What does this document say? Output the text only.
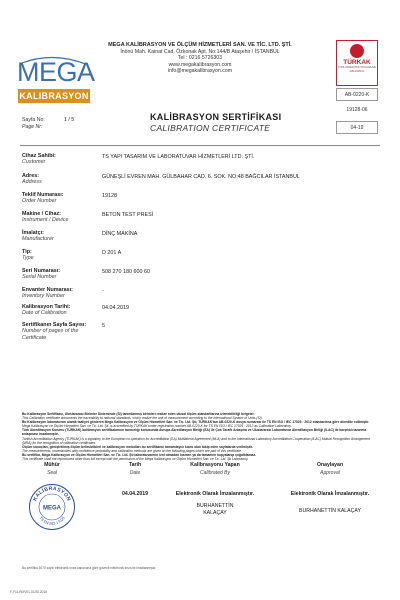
MEGA
KALIBRASYON
MEGA KALİBRASYON VE ÖLÇÜM HİZMETLERİ SAN. VE TİC. LTD. ŞTİ.
İnönü Mah. Kainat Cad. Özkonak Apt. No:144/B Ataşehir / İSTANBUL
Tel : 0216 5726303
www.megakalibrasyon.com
info@megakalibrasyon.com
TÜRKAK
TÜRK AKREDİTASYON KURUMU
AB-0220-K
AB-0220-K
19128-06
04-19
Sayfa No:
Page Nr:
1 / 5	KALİBRASYON SERTİFİKASI
CALIBRATION CERTIFICATE
Cihaz Sahibi:
Customer
TS YAPI TASARIM VE LABORATUVAR HİZMETLERİ LTD. ŞTİ.
Adres:
Address
GÜNEŞLİ EVREN MAH. GÜLBAHAR CAD. 6. SOK. NO:48 BAĞCILAR İSTANBUL
Teklif Numarası:
Order Number
19128
Makine / Cihaz:
Instrument / Device
BETON TEST PRESİ
İmalatçı:
Manufacturer
DİNÇ MAKİNA
Tip:
Type
D 201 A
Seri Numarası:
Serial Number
508 270 180 600 60
Envanter Numarası:
Inventory Number
-
Kalibrasyon Tarihi:
Date of Calibration
04.04.2019
Sertifikanın Sayfa Sayısı:
Number of pages of the Certificate
5
Bu Kalibrasyon Sertifikası, Uluslararası Birimler Sisteminde (SI) tanımlanmış birimleri realize eden ulusal ölçüm standartlarına izlenebilirliği belgeler.
This Calibration certificate documents the traceability to national standards, which realize the unit of measurement according to the International System of Units (SI).
Bu Kalibrasyon laboratuvarı olarak faaliyet gösteren Mega Kalibrasyon ve Ölçüm Hizmetleri San. ve Tic. Ltd. Şti, TÜRKAK'tan AB-0220-K dosya numarası ile TS EN ISO / IEC 17025 : 2012 standardına göre akredite edilmiştir.
Mega Kalibrasyon ve Ölçüm Hizmetleri San. ve Tic. Ltd. Şti. is accredited by TÜRKAK under registration number AB-0220-K for TS EN ISO / IEC 17025 : 2012 as Calibration Laboratory.
Türk Akreditasyon Kurumu (TÜRKAK) kalibrasyon sertifikalarının tanınırlığı konusunda Avrupa Akreditasyon Birliği (EA) ile Çok Taraflı Anlaşma ve Uluslararası Laboratuvar Akreditasyon Birliği (ILAC) ile karşılıklı tanınma anlaşması imzalamıştır.
Turkish Accreditation Agency (TÜRKAK) is a signatory to the European co-operation for Accreditation (EA) Multilateral Agreement (MLA) and to the International Laboratory Accreditation Cooperation (ILAC) Mutual Recognition Arrangement (MRA) for the recognition of calibration certificates.
Ölçüm sonuçları, genişletilmiş ölçüm belirsizlikleri ve kalibrasyon metodları bu sertifikanın tamamlayıcı kısmı olan takip eden sayfalarda verilmiştir.
The measurements, uncertainties with confidence probability and calibration methods are given on the following pages which are part of this certificate.
Bu sertifika, Mega Kalibrasyon ve Ölçüm Hizmetleri San. ve Tic. Ltd. Şti laboratuvarının izni olmadan kısmen ya da tamamen kopyalanıp çoğaltılamaz.
This certificate shall not reproduced other than full except with the permission of the Mega Kalibrasyon ve Ölçüm Hizmetleri San. ve Tic. Ltd. Şti Laboratory.
Mühür
Seal
Tarih
Date
04.04.2019
Kalibrasyonu Yapan
Calibrated By
Elektronik Olarak İmzalanmıştır.
BURHANETTİN KALAÇAY
Onaylayan
Approval
Elektronik Olarak İmzalanmıştır.
BURHANETTİN KALAÇAY
KALİBRASYON
MEGA
TS EN ISO 17025
Bu sertifika 5070 sayılı elektronik imza kanununa göre güvenli elektronik imza ile imzalanmıştır.
F-F11-R0/V01-01/30.2018
